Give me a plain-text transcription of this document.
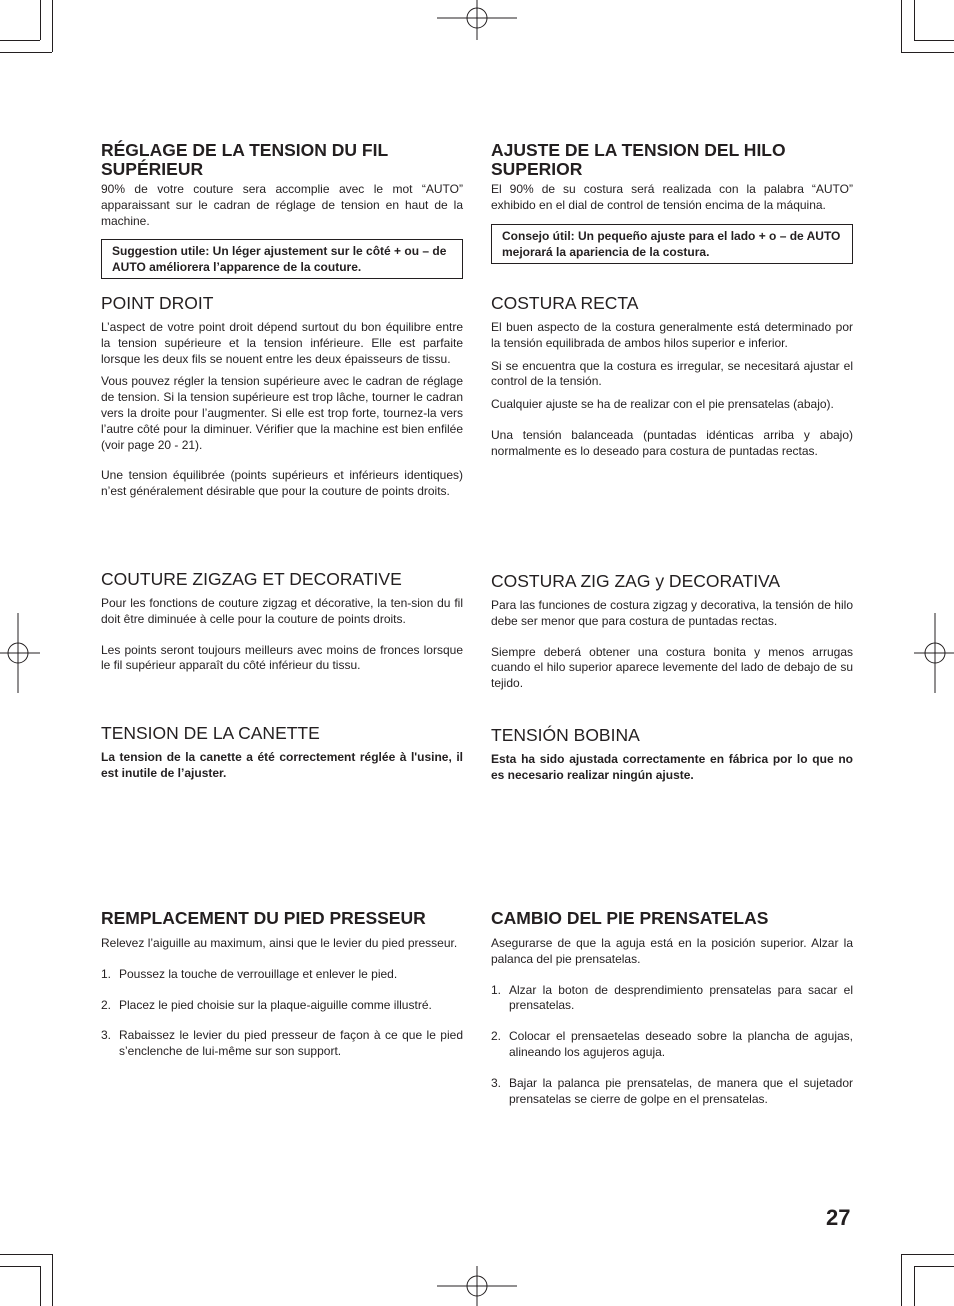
RÉGLAGE DE LA TENSION DU FIL SUPÉRIEUR

90% de votre couture sera accomplie avec le mot “AUTO” apparaissant sur le cadran de réglage de tension en haut de la machine.

Suggestion utile: Un léger ajustement sur le côté + ou – de AUTO améliorera l’apparence de la couture.
POINT DROIT

L’aspect de votre point droit dépend surtout du bon équilibre entre la tension supérieure et la tension inférieure. Elle est parfaite lorsque les deux fils se nouent entre les deux épaisseurs de tissu.

Vous pouvez régler la tension supérieure avec le cadran de réglage de tension. Si la tension supérieure est trop lâche, tourner le cadran vers la droite pour l’augmenter. Si elle est trop forte, tournez-la vers l’autre côté pour la diminuer. Vérifier que la machine est bien enfilée (voir page 20 - 21).

Une tension équilibrée (points supérieurs et inférieurs identiques) n’est généralement désirable que pour la couture de points droits.

COUTURE ZIGZAG ET DECORATIVE

Pour les fonctions de couture zigzag et décorative, la ten-sion du fil doit être diminuée à celle pour la couture de points droits.

Les points seront toujours meilleurs avec moins de fronces lorsque le fil supérieur apparaît du côté inférieur du tissu.

TENSION DE LA CANETTE

La tension de la canette a été correctement réglée à l'usine, il est inutile de l’ajuster.

REMPLACEMENT DU PIED PRESSEUR

Relevez l’aiguille au maximum, ainsi que le levier du pied presseur.

1. Poussez la touche de verrouillage et enlever le pied.
2. Placez le pied choisie sur la plaque-aiguille comme illustré.
3. Rabaissez le levier du pied presseur de façon à ce que le pied s’enclenche de lui-même sur son support.
AJUSTE DE LA TENSION DEL HILO SUPERIOR

El 90% de su costura será realizada con la palabra “AUTO” exhibido en el dial de control de tensión encima de la máquina.

Consejo útil: Un pequeño ajuste para el lado + o – de AUTO mejorará la apariencia de la costura.
COSTURA RECTA

El buen aspecto de la costura generalmente está determinado por la tensión equilibrada de ambos hilos superior e inferior.

Si se encuentra que la costura es irregular, se necesitará ajustar el control de la tensión.

Cualquier ajuste se ha de realizar con el pie prensatelas (abajo).

Una tensión balanceada (puntadas idénticas arriba y abajo) normalmente es lo deseado para costura de puntadas rectas.

COSTURA ZIG ZAG y DECORATIVA

Para las funciones de costura zigzag y decorativa, la tensión de hilo debe ser menor que para costura de puntadas rectas.

Siempre deberá obtener una costura bonita y menos arrugas cuando el hilo superior aparece levemente del lado de debajo de su tejido.

TENSIÓN BOBINA

Esta ha sido ajustada correctamente en fábrica por lo que no es necesario realizar ningún ajuste.

CAMBIO DEL PIE PRENSATELAS

Asegurarse de que la aguja está en la posición superior. Alzar la palanca del pie prensatelas.

1. Alzar la boton de desprendimiento prensatelas para sacar el prensatelas.
2. Colocar el prensaetelas deseado sobre la plancha de agujas, alineando los agujeros aguja.
3. Bajar la palanca pie prensatelas, de manera que el sujetador prensatelas se cierre de golpe en el prensatelas.
27
